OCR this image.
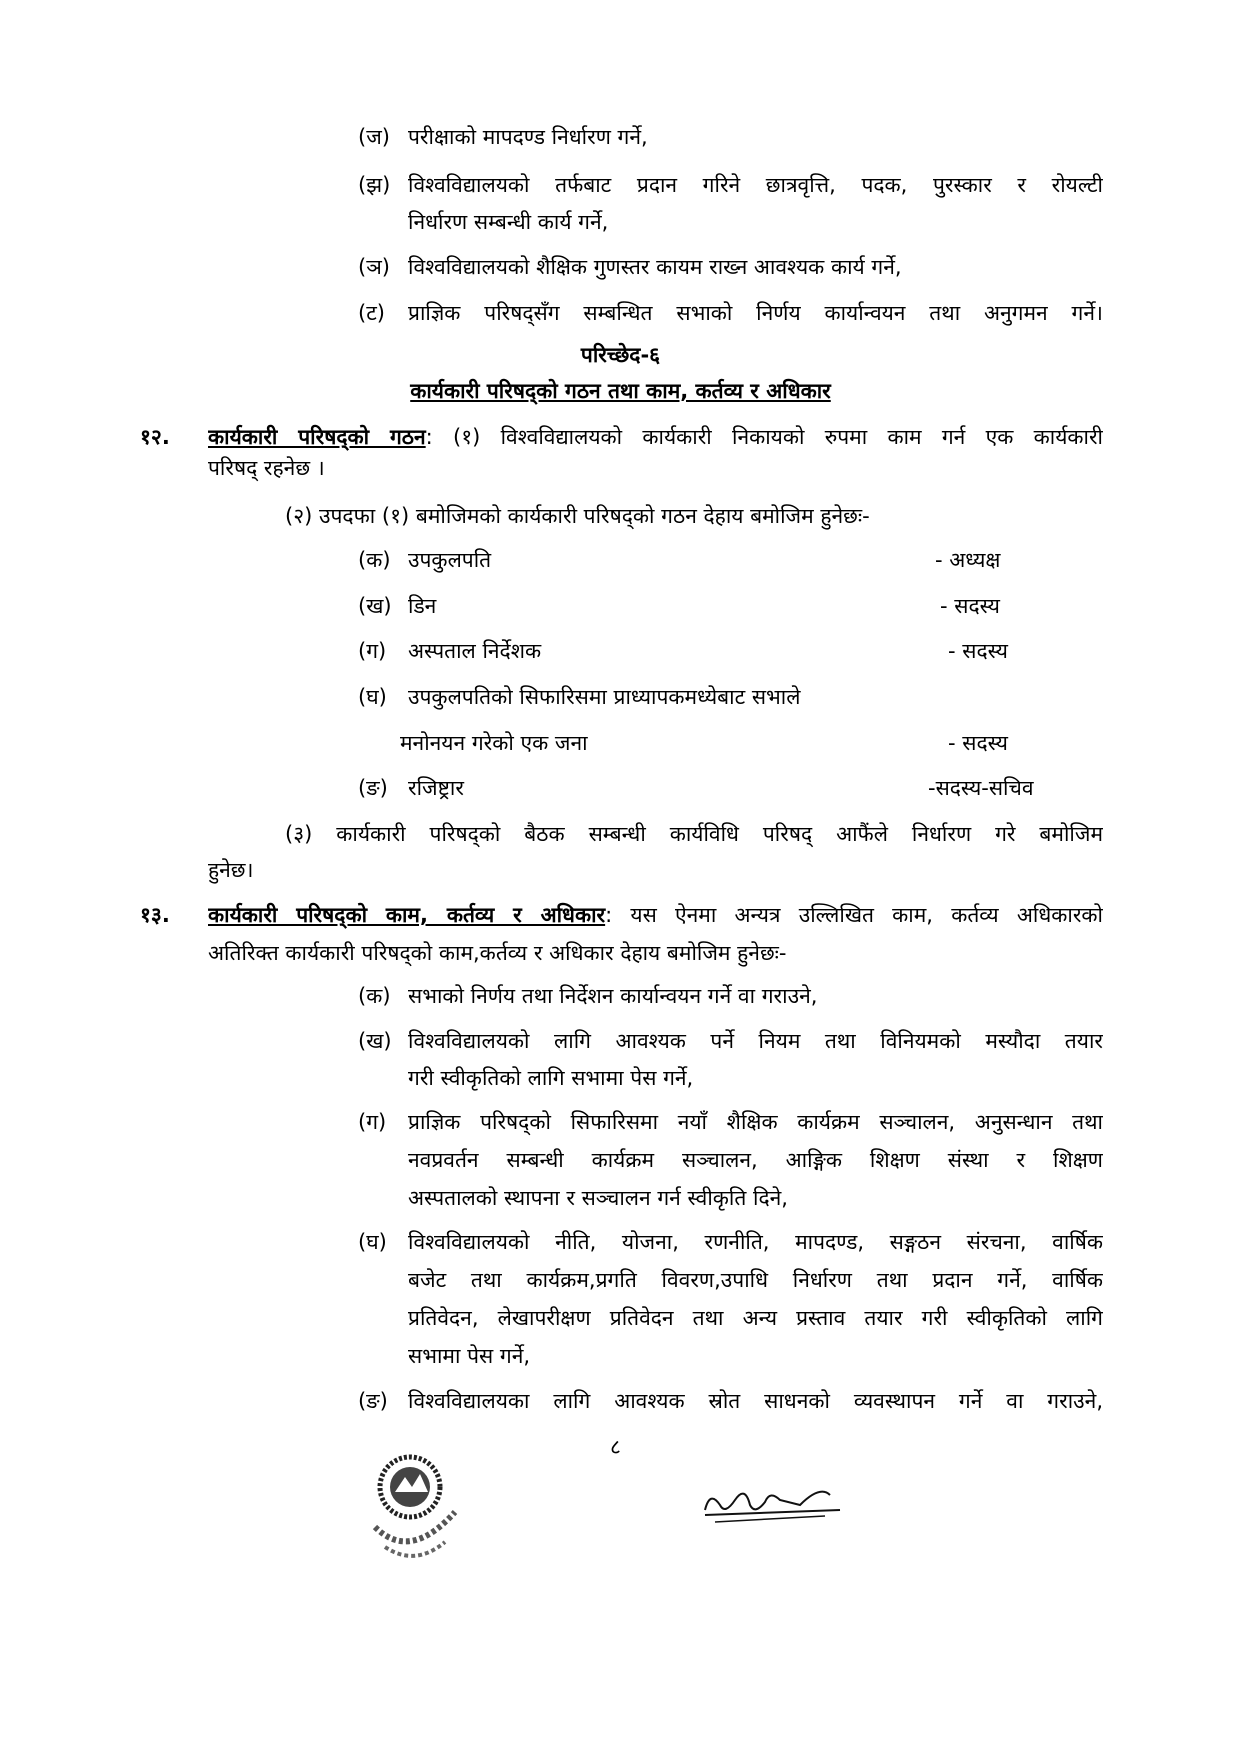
(ज) परीक्षाको मापदण्ड निर्धारण गर्ने,
(झ) विश्वविद्यालयको तर्फबाट प्रदान गरिने छात्रवृत्ति, पदक, पुरस्कार र रोयल्टी
निर्धारण सम्बन्धी कार्य गर्ने,
(ञ) विश्वविद्यालयको शैक्षिक गुणस्तर कायम राख्न आवश्यक कार्य गर्ने,
(ट) प्राज्ञिक परिषद्सँग सम्बन्धित सभाको निर्णय कार्यान्वयन तथा अनुगमन गर्ने।
परिच्छेद-६
कार्यकारी परिषद्को गठन तथा काम, कर्तव्य र अधिकार
१२. कार्यकारी परिषद्को गठन: (१) विश्वविद्यालयको कार्यकारी निकायको रुपमा काम गर्न एक कार्यकारी
परिषद् रहनेछ ।
(२) उपदफा (१) बमोजिमको कार्यकारी परिषद्को गठन देहाय बमोजिम हुनेछः-
(क) उपकुलपति	- अध्यक्ष
(ख) डिन	- सदस्य
(ग) अस्पताल निर्देशक	- सदस्य
(घ) उपकुलपतिको सिफारिसमा प्राध्यापकमध्येबाट सभाले
मनोनयन गरेको एक जना	- सदस्य
(ङ) रजिष्ट्रार	-सदस्य-सचिव
(३) कार्यकारी परिषद्को बैठक सम्बन्धी कार्यविधि परिषद् आफैंले निर्धारण गरे बमोजिम
हुनेछ।
१३. कार्यकारी परिषद्को काम, कर्तव्य र अधिकार: यस ऐनमा अन्यत्र उल्लिखित काम, कर्तव्य अधिकारको
अतिरिक्त कार्यकारी परिषद्को काम,कर्तव्य र अधिकार देहाय बमोजिम हुनेछः-
(क) सभाको निर्णय तथा निर्देशन कार्यान्वयन गर्ने वा गराउने,
(ख) विश्वविद्यालयको लागि आवश्यक पर्ने नियम तथा विनियमको मस्यौदा तयार
गरी स्वीकृतिको लागि सभामा पेस गर्ने,
(ग) प्राज्ञिक परिषद्को सिफारिसमा नयाँ शैक्षिक कार्यक्रम सञ्चालन, अनुसन्धान तथा
नवप्रवर्तन सम्बन्धी कार्यक्रम सञ्चालन, आङ्गिक शिक्षण संस्था र शिक्षण
अस्पतालको स्थापना र सञ्चालन गर्न स्वीकृति दिने,
(घ) विश्वविद्यालयको नीति, योजना, रणनीति, मापदण्ड, सङ्गठन संरचना, वार्षिक
बजेट तथा कार्यक्रम,प्रगति विवरण,उपाधि निर्धारण तथा प्रदान गर्ने, वार्षिक
प्रतिवेदन, लेखापरीक्षण प्रतिवेदन तथा अन्य प्रस्ताव तयार गरी स्वीकृतिको लागि
सभामा पेस गर्ने,
(ङ) विश्वविद्यालयका लागि आवश्यक स्रोत साधनको व्यवस्थापन गर्ने वा गराउने,
८
